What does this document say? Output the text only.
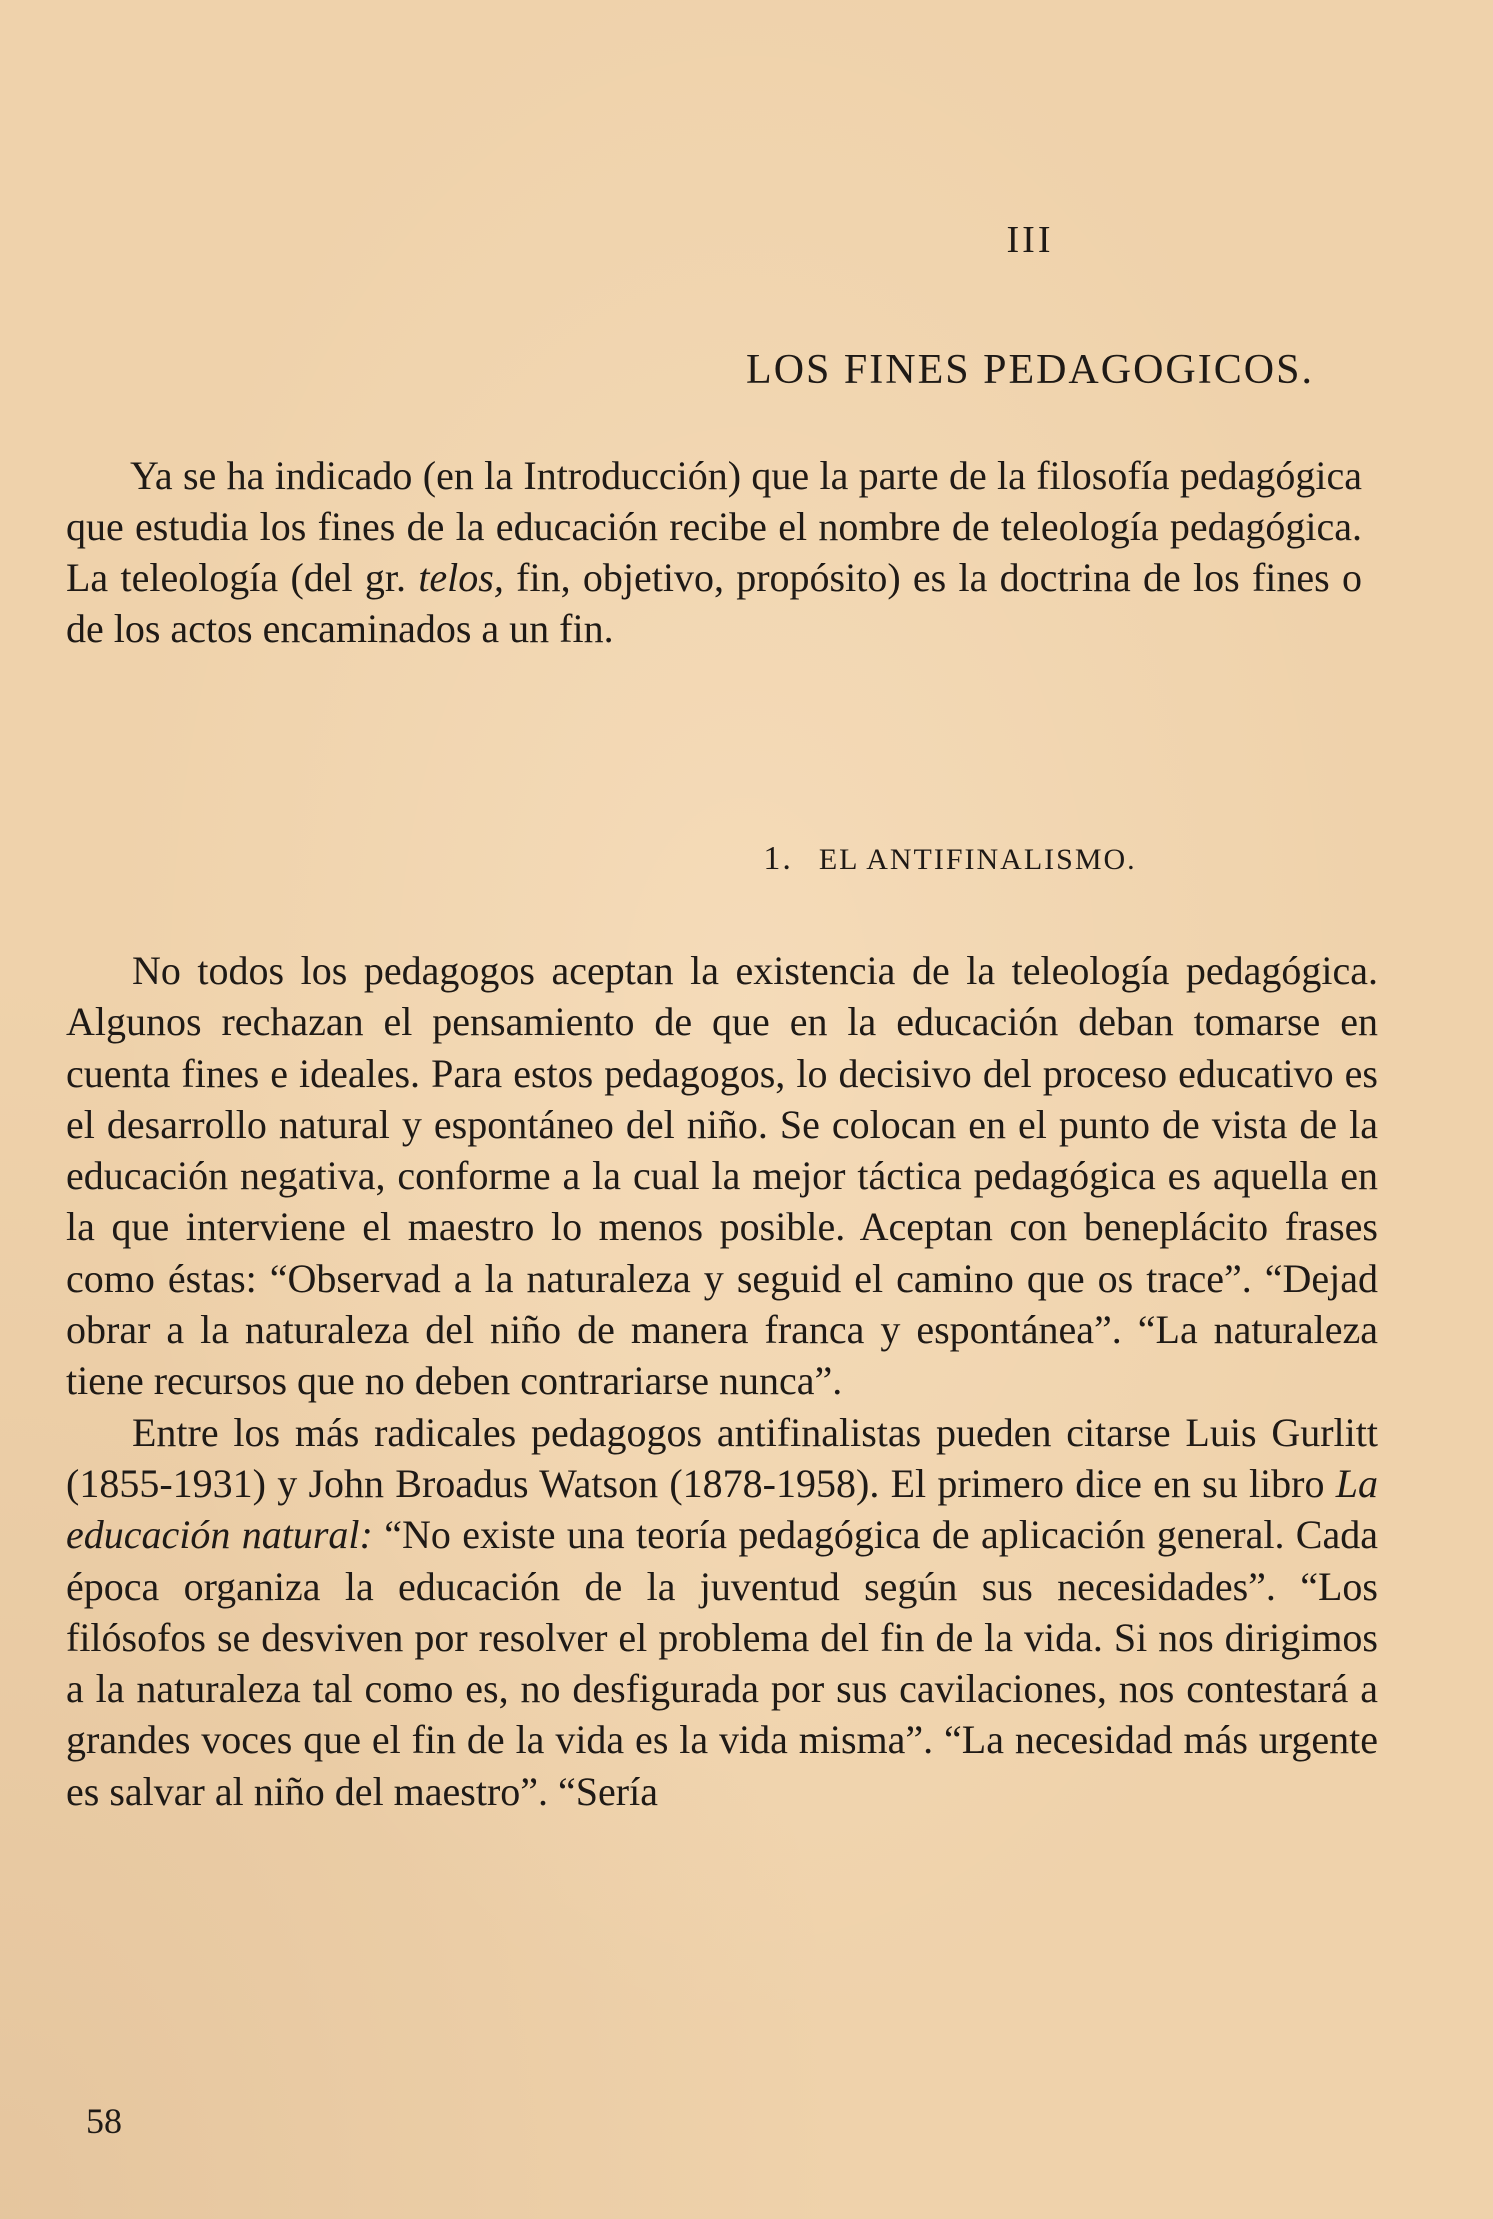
III
LOS FINES PEDAGOGICOS.

Ya se ha indicado (en la Introducción) que la parte de la filosofía pedagógica que estudia los fines de la educación recibe el nombre de teleología pedagógica. La teleología (del gr. telos, fin, objetivo, propósito) es la doctrina de los fines o de los actos encaminados a un fin.

1. EL ANTIFINALISMO.

No todos los pedagogos aceptan la existencia de la teleología pedagógica. Algunos rechazan el pensamiento de que en la educación deban tomarse en cuenta fines e ideales. Para estos pedagogos, lo decisivo del proceso educativo es el desarrollo natural y espontáneo del niño. Se colocan en el punto de vista de la educación negativa, conforme a la cual la mejor táctica pedagógica es aquella en la que interviene el maestro lo menos posible. Aceptan con beneplácito frases como éstas: “Observad a la naturaleza y seguid el camino que os trace”. “Dejad obrar a la naturaleza del niño de manera franca y espontánea”. “La naturaleza tiene recursos que no deben contrariarse nunca”.

Entre los más radicales pedagogos antifinalistas pueden citarse Luis Gurlitt (1855-1931) y John Broadus Watson (1878-1958). El primero dice en su libro La educación natural: “No existe una teoría pedagógica de aplicación general. Cada época organiza la educación de la juventud según sus necesidades”. “Los filósofos se desviven por resolver el problema del fin de la vida. Si nos dirigimos a la naturaleza tal como es, no desfigurada por sus cavilaciones, nos contestará a grandes voces que el fin de la vida es la vida misma”. “La necesidad más urgente es salvar al niño del maestro”. “Sería

58
